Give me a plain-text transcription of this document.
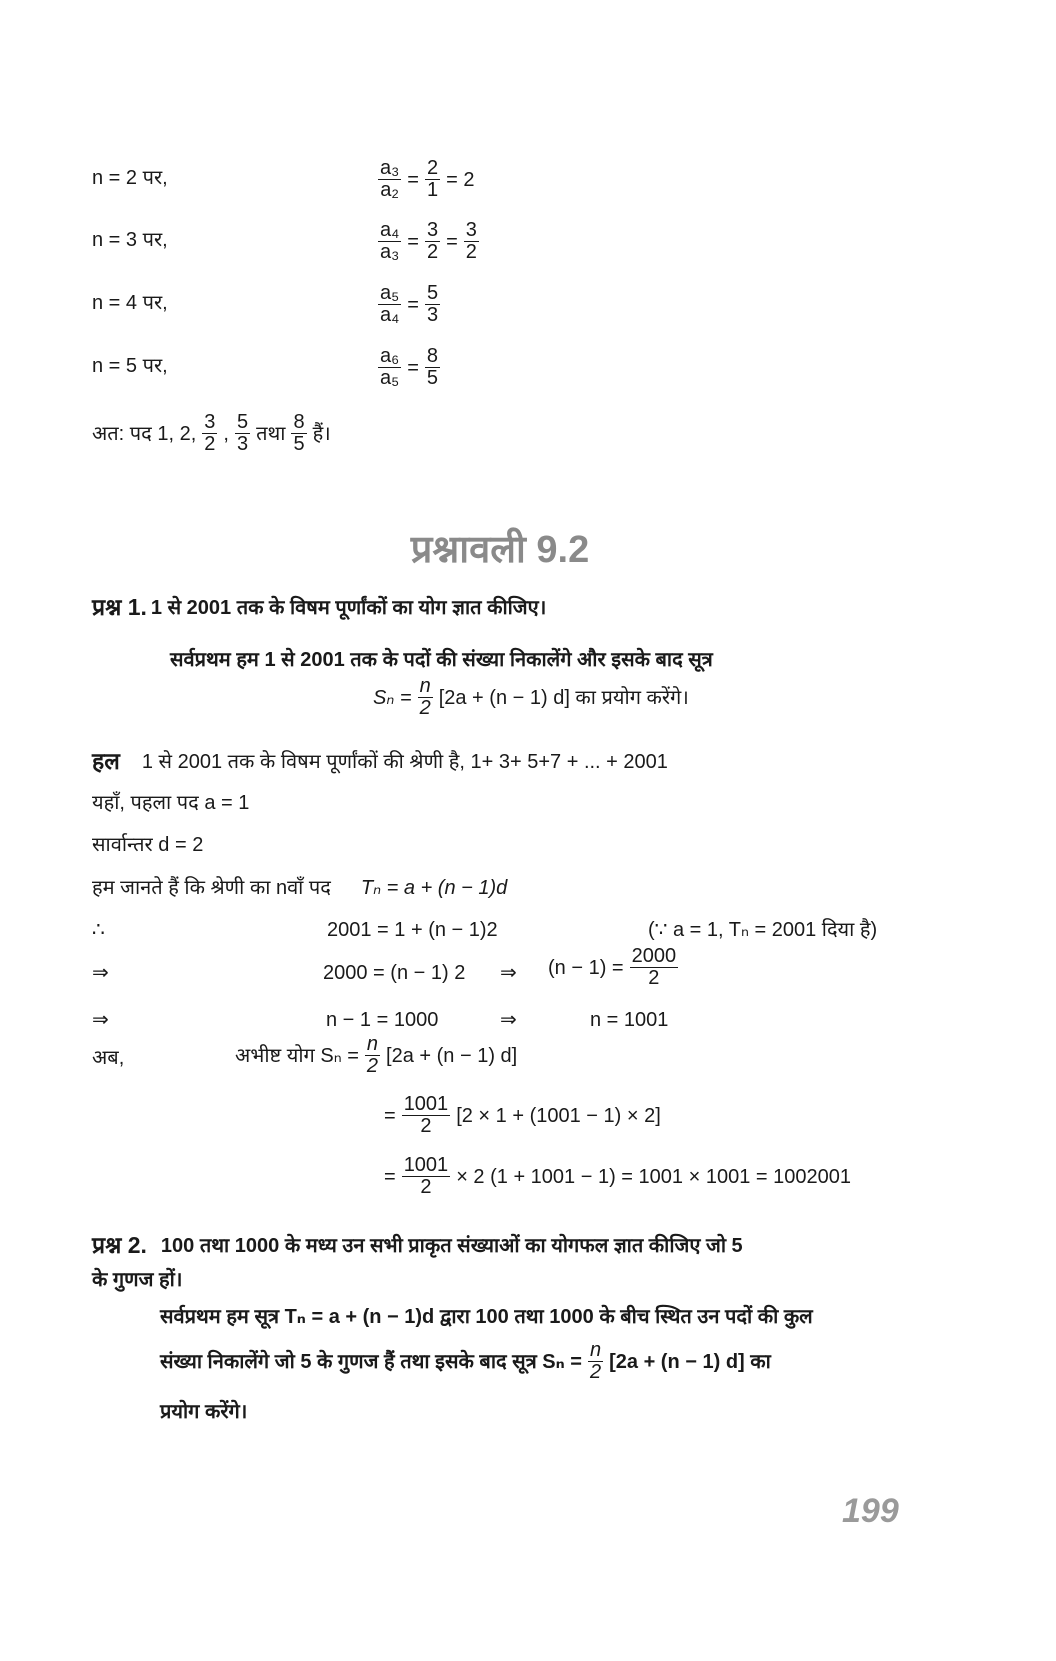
n = 2 पर,	$\frac{\text{a₃}}{\text{a₂}} = \frac{2}{1} = 2$
n = 3 पर,	$\frac{\text{a₄}}{\text{a₃}} = \frac{3}{2} = \frac{3}{2}$
n = 4 पर,	$\frac{\text{a₅}}{\text{a₄}} = \frac{5}{3}$
n = 5 पर,	$\frac{\text{a₆}}{\text{a₅}} = \frac{8}{5}$
अत: पद 1, 2,
3
2 ,
5
3 तथा
8
5 हैं।
प्रश्नावली 9.2
प्रश्न 1. 1 से 2001 तक के विषम पूर्णांकों का योग ज्ञात कीजिए।
सर्वप्रथम हम 1 से 2001 तक के पदों की संख्या निकालेंगे और इसके बाद सूत्र
$S_n = \frac{n}{2} [2a + (n - 1)$ d] का प्रयोग करेंगे।
हल 1 से 2001 तक के विषम पूर्णांकों की श्रेणी है, 1+ 3+ 5+7 + ... + 2001
यहाँ, पहला पद a = 1
सार्वान्तर d = 2
हम जानते हैं कि श्रेणी का nवाँ पद Tₙ = a + (n − 1)d
∴	2001 = 1 + (n − 1)2	(∵ a = 1, Tₙ = 2001 दिया है)
⇒	2000 = (n − 1) 2 ⇒ $(n - 1) = \frac{2000}{2}$
⇒	n − 1 = 1000	⇒	n = 1001
अब,	अभीष्ट योग $S_n = \frac{n}{2} [2a + (n - 1)$ d]
= $\frac{1001}{2} [2 \times 1 + (1001 - 1) \times 2]$
= $\frac{1001}{2} \times 2$ (1 + 1001 − 1) = 1001 × 1001 = 1002001
प्रश्न 2. 100 तथा 1000 के मध्य उन सभी प्राकृत संख्याओं का योगफल ज्ञात कीजिए जो 5
के गुणज हों।
सर्वप्रथम हम सूत्र Tₙ = a + (n − 1)d द्वारा 100 तथा 1000 के बीच स्थित उन पदों की कुल
संख्या निकालेंगे जो 5 के गुणज हैं तथा इसके बाद सूत्र $S_n = \frac{n}{2} [2a + (n - 1)$ d] का
प्रयोग करेंगे।
199
